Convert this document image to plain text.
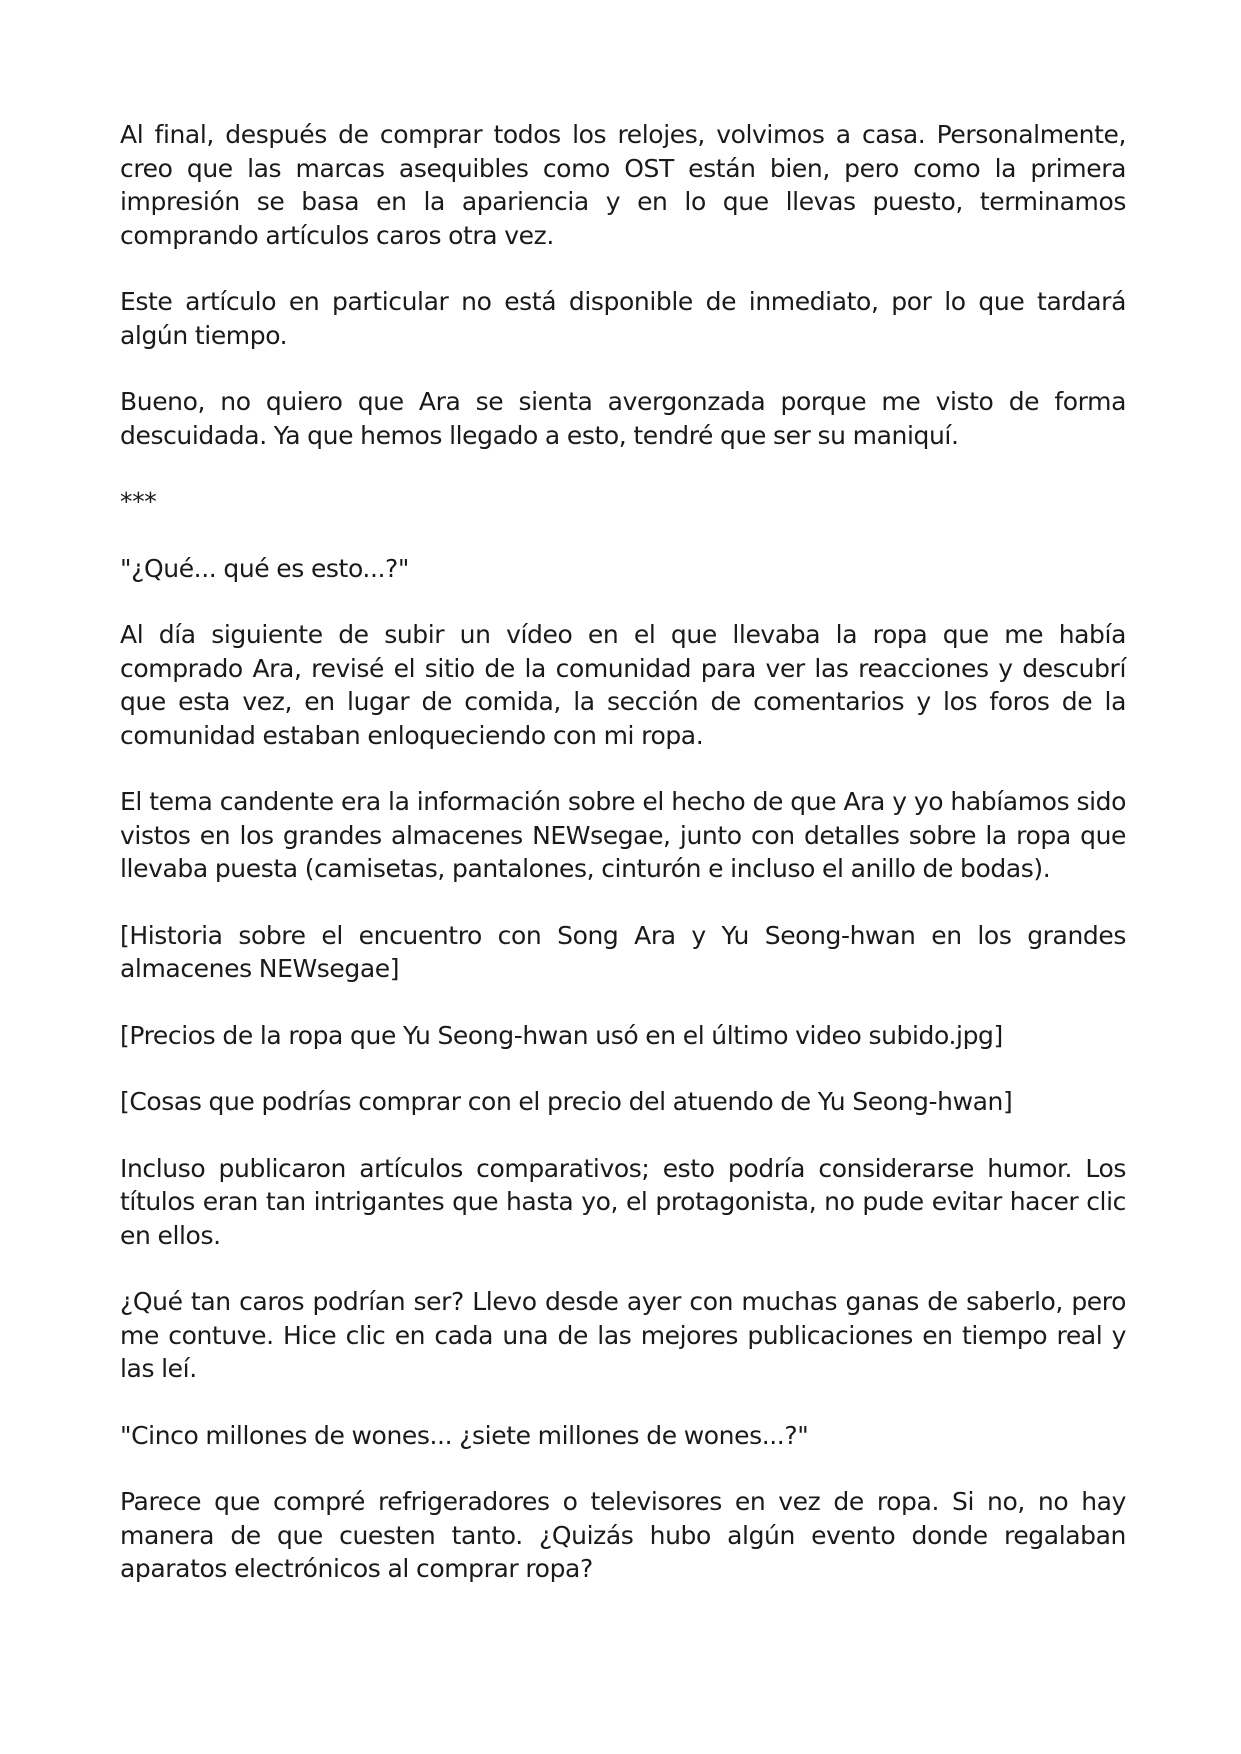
Al final, después de comprar todos los relojes, volvimos a casa. Personalmente, creo que las marcas asequibles como OST están bien, pero como la primera impresión se basa en la apariencia y en lo que llevas puesto, terminamos comprando artículos caros otra vez.

Este artículo en particular no está disponible de inmediato, por lo que tardará algún tiempo.

Bueno, no quiero que Ara se sienta avergonzada porque me visto de forma descuidada. Ya que hemos llegado a esto, tendré que ser su maniquí.

***

"¿Qué... qué es esto...?"

Al día siguiente de subir un vídeo en el que llevaba la ropa que me había comprado Ara, revisé el sitio de la comunidad para ver las reacciones y descubrí que esta vez, en lugar de comida, la sección de comentarios y los foros de la comunidad estaban enloqueciendo con mi ropa.

El tema candente era la información sobre el hecho de que Ara y yo habíamos sido vistos en los grandes almacenes NEWsegae, junto con detalles sobre la ropa que llevaba puesta (camisetas, pantalones, cinturón e incluso el anillo de bodas).

[Historia sobre el encuentro con Song Ara y Yu Seong-hwan en los grandes almacenes NEWsegae]

[Precios de la ropa que Yu Seong-hwan usó en el último video subido.jpg]

[Cosas que podrías comprar con el precio del atuendo de Yu Seong-hwan]

Incluso publicaron artículos comparativos; esto podría considerarse humor. Los títulos eran tan intrigantes que hasta yo, el protagonista, no pude evitar hacer clic en ellos.

¿Qué tan caros podrían ser? Llevo desde ayer con muchas ganas de saberlo, pero me contuve. Hice clic en cada una de las mejores publicaciones en tiempo real y las leí.

"Cinco millones de wones... ¿siete millones de wones...?"

Parece que compré refrigeradores o televisores en vez de ropa. Si no, no hay manera de que cuesten tanto. ¿Quizás hubo algún evento donde regalaban aparatos electrónicos al comprar ropa?
